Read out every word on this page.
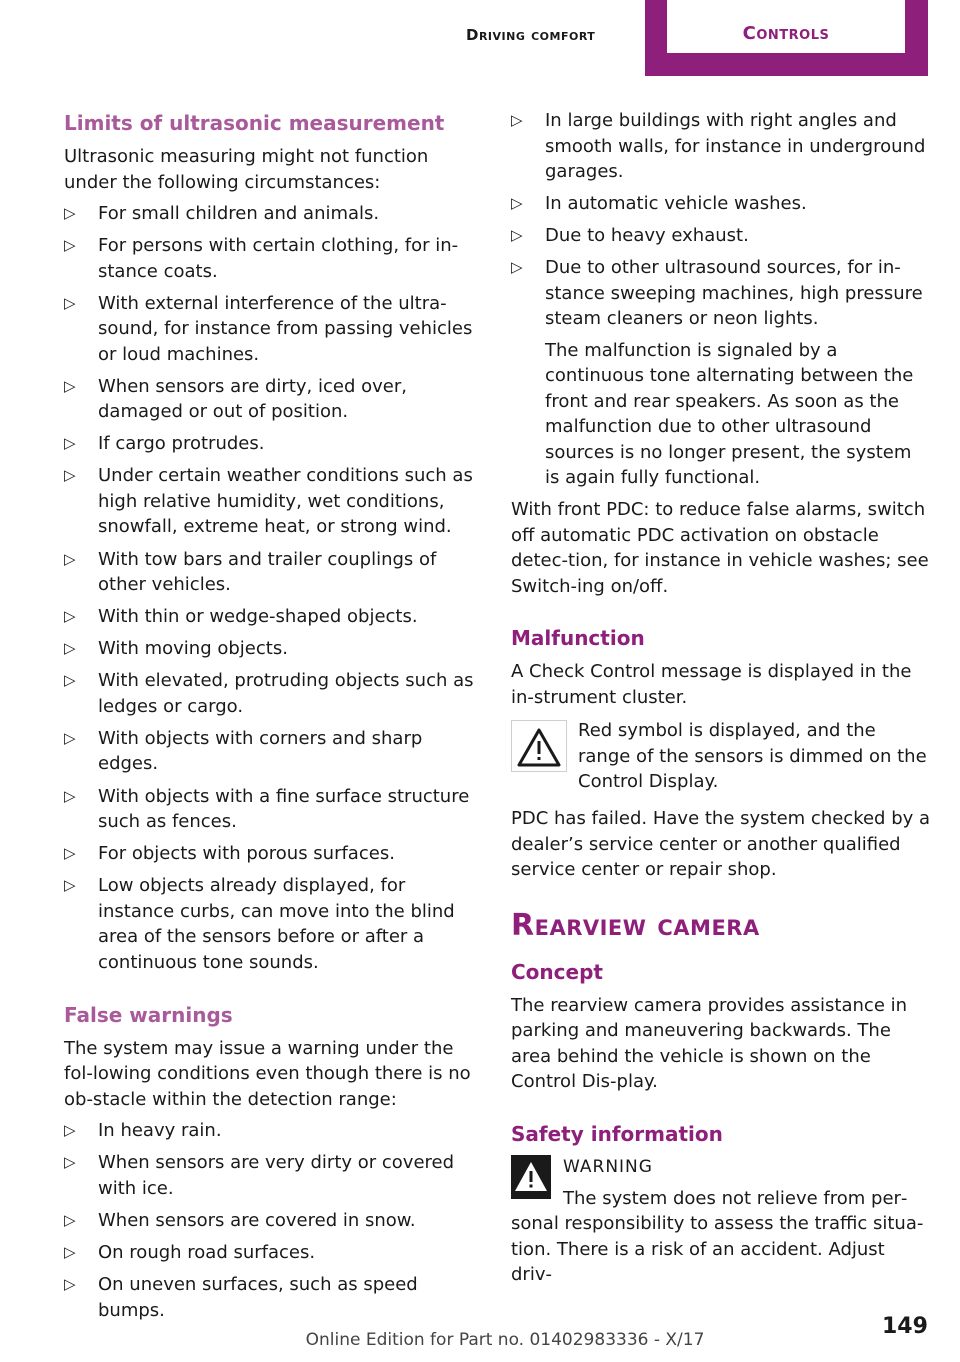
Driving comfort	Controls
Limits of ultrasonic measurement
Ultrasonic measuring might not function under the following circumstances:
▷ For small children and animals.
▷ For persons with certain clothing, for in‐stance coats.
▷ With external interference of the ultra‐sound, for instance from passing vehicles or loud machines.
▷ When sensors are dirty, iced over, damaged or out of position.
▷ If cargo protrudes.
▷ Under certain weather conditions such as high relative humidity, wet conditions, snowfall, extreme heat, or strong wind.
▷ With tow bars and trailer couplings of other vehicles.
▷ With thin or wedge-shaped objects.
▷ With moving objects.
▷ With elevated, protruding objects such as ledges or cargo.
▷ With objects with corners and sharp edges.
▷ With objects with a fine surface structure such as fences.
▷ For objects with porous surfaces.
▷ Low objects already displayed, for instance curbs, can move into the blind area of the sensors before or after a continuous tone sounds.
False warnings
The system may issue a warning under the fol‐lowing conditions even though there is no ob‐stacle within the detection range:
▷ In heavy rain.
▷ When sensors are very dirty or covered with ice.
▷ When sensors are covered in snow.
▷ On rough road surfaces.
▷ On uneven surfaces, such as speed bumps.
▷ In large buildings with right angles and smooth walls, for instance in underground garages.
▷ In automatic vehicle washes.
▷ Due to heavy exhaust.
▷ Due to other ultrasound sources, for in‐stance sweeping machines, high pressure steam cleaners or neon lights.
The malfunction is signaled by a continuous tone alternating between the front and rear speakers. As soon as the malfunction due to other ultrasound sources is no longer present, the system is again fully functional.
With front PDC: to reduce false alarms, switch off automatic PDC activation on obstacle detec‐tion, for instance in vehicle washes; see Switch‐ing on/off.
Malfunction
A Check Control message is displayed in the in‐strument cluster.
Red symbol is displayed, and the range of the sensors is dimmed on the Control Display.
PDC has failed. Have the system checked by a dealer’s service center or another qualified service center or repair shop.
Rearview camera
Concept
The rearview camera provides assistance in parking and maneuvering backwards. The area behind the vehicle is shown on the Control Dis‐play.
Safety information
WARNING
The system does not relieve from per‐sonal responsibility to assess the traffic situa‐tion. There is a risk of an accident. Adjust driv‐
149
Online Edition for Part no. 01402983336 - X/17
